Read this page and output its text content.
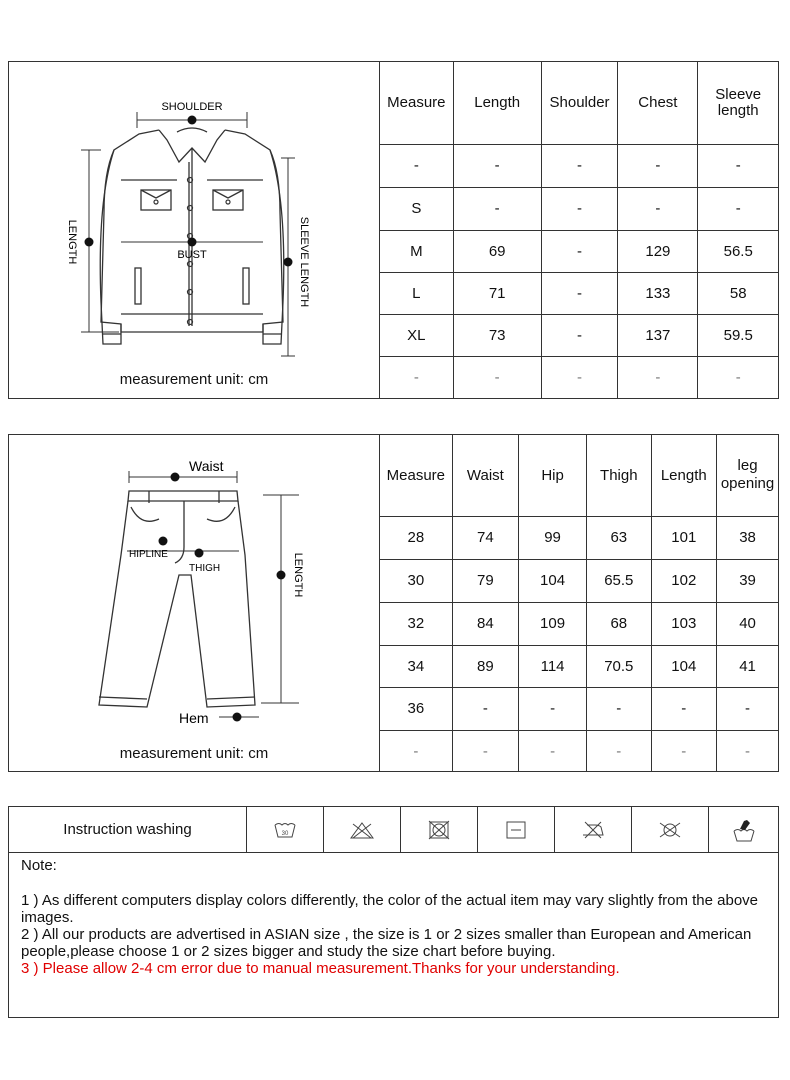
SHOULDER
BUST
LENGTH	SLEEVE LENGTH
measurement unit: cm
Measure	Length	Shoulder	Chest	Sleeve length
-	-	-	-	-
S	-	-	-	-
M	69	-	129	56.5
L	71	-	133	58
XL	73	-	137	59.5
-	-	-	-	-
Waist
HIPLINE
THIGH	LENGTH
Hem
measurement unit: cm
Measure	Waist	Hip	Thigh	Length	leg opening
28	74	99	63	101	38
30	79	104	65.5	102	39
32	84	109	68	103	40
34	89	114	70.5	104	41
36	-	-	-	-	-
-	-	-	-	-	-
Instruction washing	30

Note:

1 ) As different computers display colors differently, the color of the actual item may vary slightly from the above images.

2 ) All our products are advertised in ASIAN size , the size is 1 or 2 sizes smaller than European and American people,please choose 1 or 2 sizes bigger and study the size chart before buying.

3 ) Please allow 2-4 cm error due to manual measurement.Thanks for your understanding.
